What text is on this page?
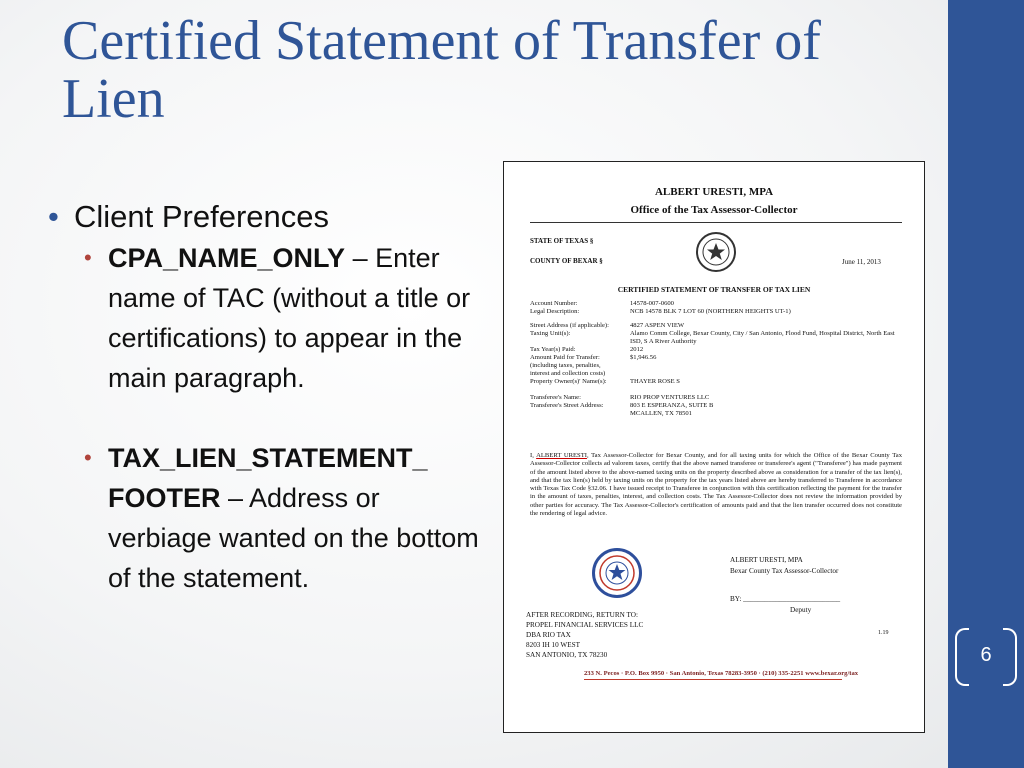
6
Certified Statement of Transfer of Lien
• Client Preferences
• CPA_NAME_ONLY – Enter name of TAC (without a title or certifications) to appear in the main paragraph.
• TAX_LIEN_STATEMENT_ FOOTER – Address or verbiage wanted on the bottom of the statement.
ALBERT URESTI, MPA
Office of the Tax Assessor-Collector
STATE OF TEXAS §
COUNTY OF BEXAR §	June 11, 2013
CERTIFIED STATEMENT OF TRANSFER OF TAX LIEN
Account Number:	14578-007-0600
Legal Description:	NCB 14578 BLK 7 LOT 60 (NORTHERN HEIGHTS UT-1)
Street Address (if applicable):	4827 ASPEN VIEW
Taxing Unit(s):	Alamo Comm College, Bexar County, City / San Antonio, Flood Fund, Hospital District, North East ISD, S A River Authority
Tax Year(s) Paid:	2012
Amount Paid for Transfer:	$1,946.56
(including taxes, penalties,
interest and collection costs)
Property Owner(s)' Name(s):	THAYER ROSE S
Transferee's Name:	RIO PROP VENTURES LLC
Transferee's Street Address:	803 E ESPERANZA, SUITE B
MCALLEN, TX 78501
I, ALBERT URESTI, Tax Assessor-Collector for Bexar County, and for all taxing units for which the Office of the Bexar County Tax Assessor-Collector collects ad valorem taxes, certify that the above named transferee or transferee's agent ("Transferee") has made payment of the amount listed above to the above-named taxing units on the property described above as consideration for a transfer of the tax lien(s), and that the tax lien(s) held by taxing units on the property for the tax years listed above are hereby transferred to Transferee in accordance with Texas Tax Code §32.06. I have issued receipt to Transferee in conjunction with this certification reflecting the payment for the transfer in the amount of taxes, penalties, interest, and collection costs. The Tax Assessor-Collector does not review the information provided by other parties for accuracy. The Tax Assessor-Collector's certification of amounts paid and that the lien transfer occurred does not constitute the rendering of legal advice.
ALBERT URESTI, MPA
Bexar County Tax Assessor-Collector
BY: ___________________________
Deputy
AFTER RECORDING, RETURN TO:
PROPEL FINANCIAL SERVICES LLC
DBA RIO TAX
8203 IH 10 WEST
SAN ANTONIO, TX 78230
1.19
233 N. Pecos · P.O. Box 9950 · San Antonio, Texas 78283-3950 · (210) 335-2251 www.bexar.org/tax
